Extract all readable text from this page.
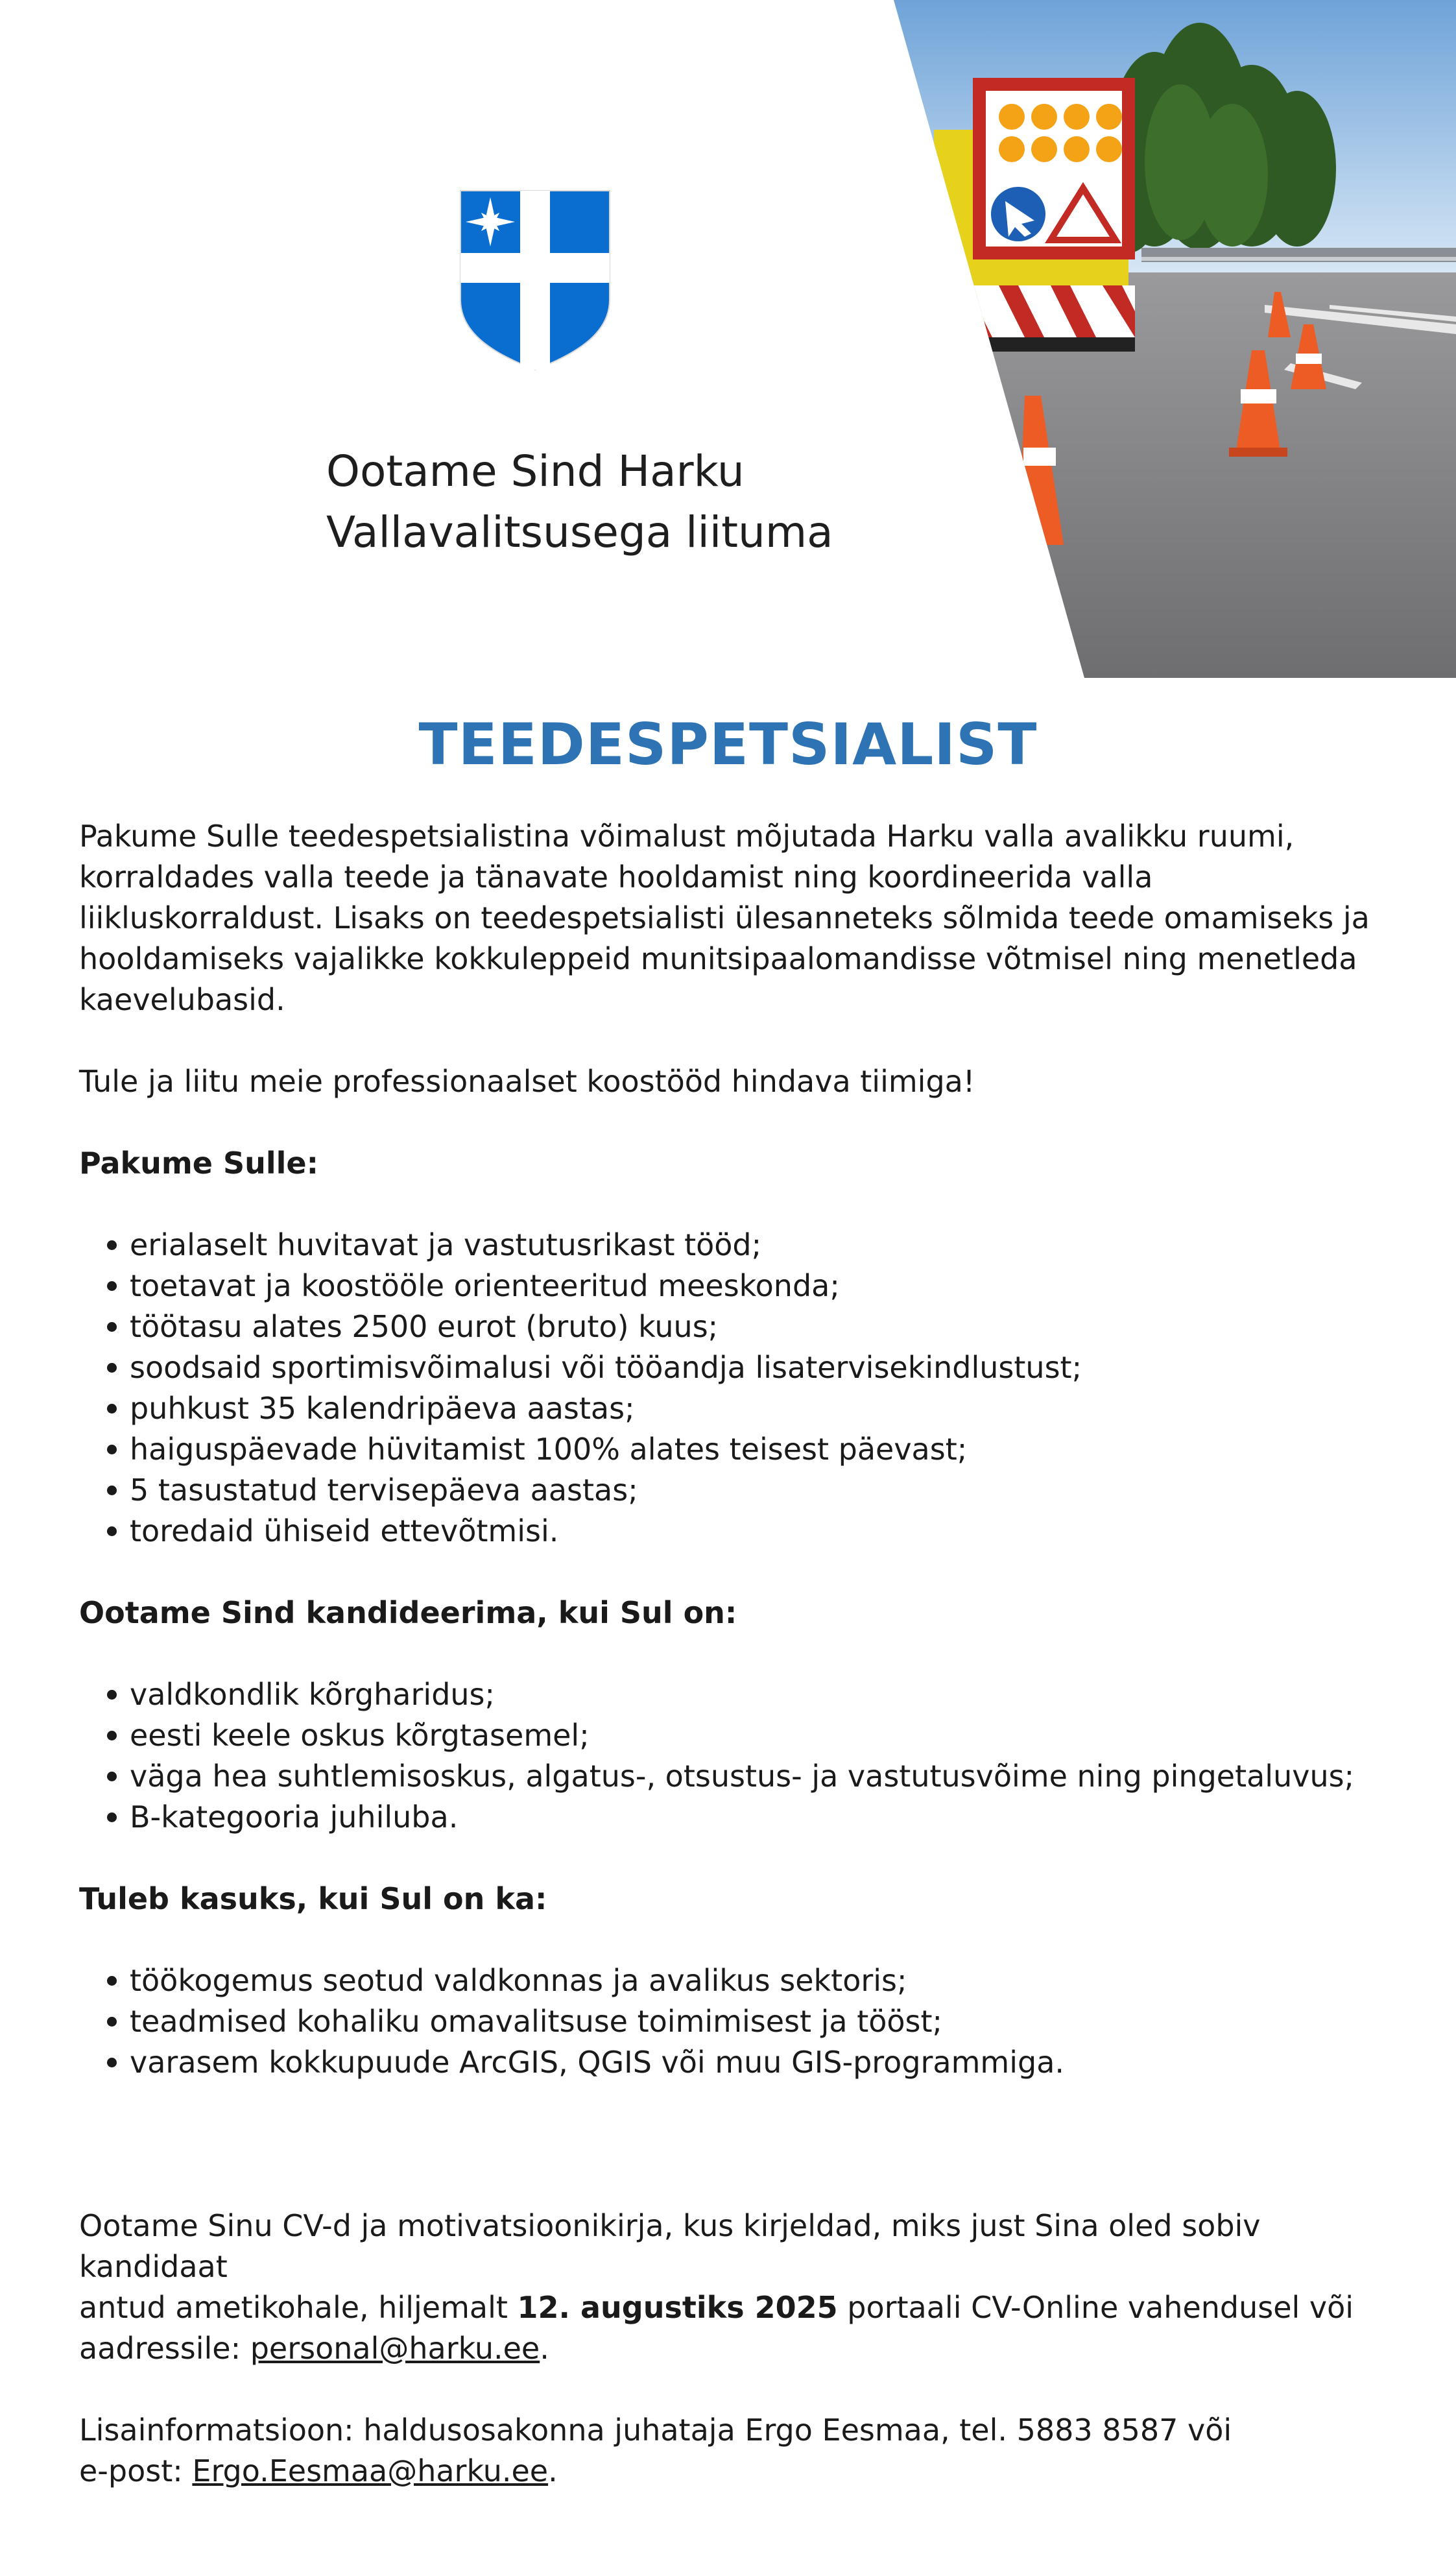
Ootame Sind Harku
Vallavalitsusega liituma
TEEDESPETSIALIST

Pakume Sulle teedespetsialistina võimalust mõjutada Harku valla avalikku ruumi, korraldades valla teede ja tänavate hooldamist ning koordineerida valla liikluskorraldust. Lisaks on teedespetsialisti ülesanneteks sõlmida teede omamiseks ja hooldamiseks vajalikke kokkuleppeid munitsipaalomandisse võtmisel ning menetleda kaevelubasid.

Tule ja liitu meie professionaalset koostööd hindava tiimiga!

Pakume Sulle:
erialaselt huvitavat ja vastutusrikast tööd;
toetavat ja koostööle orienteeritud meeskonda;
töötasu alates 2500 eurot (bruto) kuus;
soodsaid sportimisvõimalusi või tööandja lisatervisekindlustust;
puhkust 35 kalendripäeva aastas;
haiguspäevade hüvitamist 100% alates teisest päevast;
5 tasustatud tervisepäeva aastas;
toredaid ühiseid ettevõtmisi.
Ootame Sind kandideerima, kui Sul on:
valdkondlik kõrgharidus;
eesti keele oskus kõrgtasemel;
väga hea suhtlemisoskus, algatus-, otsustus- ja vastutusvõime ning pingetaluvus;
B-kategooria juhiluba.
Tuleb kasuks, kui Sul on ka:
töökogemus seotud valdkonnas ja avalikus sektoris;
teadmised kohaliku omavalitsuse toimimisest ja tööst;
varasem kokkupuude ArcGIS, QGIS või muu GIS-programmiga.

Ootame Sinu CV-d ja motivatsioonikirja, kus kirjeldad, miks just Sina oled sobiv kandidaat
antud ametikohale, hiljemalt 12. augustiks 2025 portaali CV-Online vahendusel või
aadressile: personal@harku.ee.

Lisainformatsioon: haldusosakonna juhataja Ergo Eesmaa, tel. 5883 8587 või
e-post: Ergo.Eesmaa@harku.ee.
